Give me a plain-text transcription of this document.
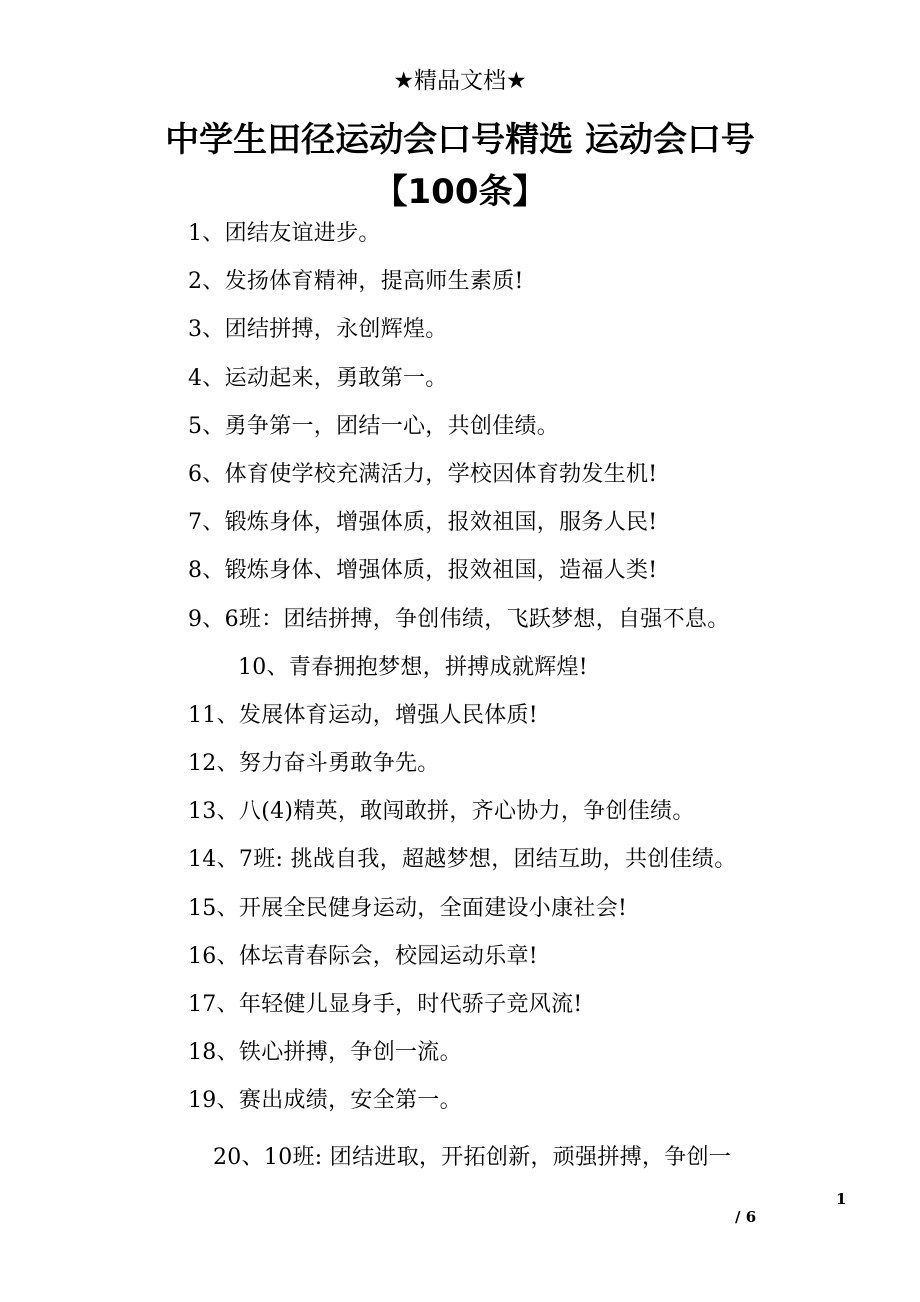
★精品文档★
中学生田径运动会口号精选 运动会口号
【100条】
1、团结友谊进步。
2、发扬体育精神，提高师生素质!
3、团结拼搏，永创辉煌。
4、运动起来，勇敢第一。
5、勇争第一，团结一心，共创佳绩。
6、体育使学校充满活力，学校因体育勃发生机!
7、锻炼身体，增强体质，报效祖国，服务人民!
8、锻炼身体、增强体质，报效祖国，造福人类!
9、6班：团结拼搏，争创伟绩，飞跃梦想，自强不息。
10、青春拥抱梦想，拼搏成就辉煌!
11、发展体育运动，增强人民体质!
12、努力奋斗勇敢争先。
13、八(4)精英，敢闯敢拼，齐心协力，争创佳绩。
14、7班: 挑战自我，超越梦想，团结互助，共创佳绩。
15、开展全民健身运动，全面建设小康社会!
16、体坛青春际会，校园运动乐章!
17、年轻健儿显身手，时代骄子竞风流!
18、铁心拼搏，争创一流。
19、赛出成绩，安全第一。
20、10班: 团结进取，开拓创新，顽强拼搏，争创一
1
/ 6
